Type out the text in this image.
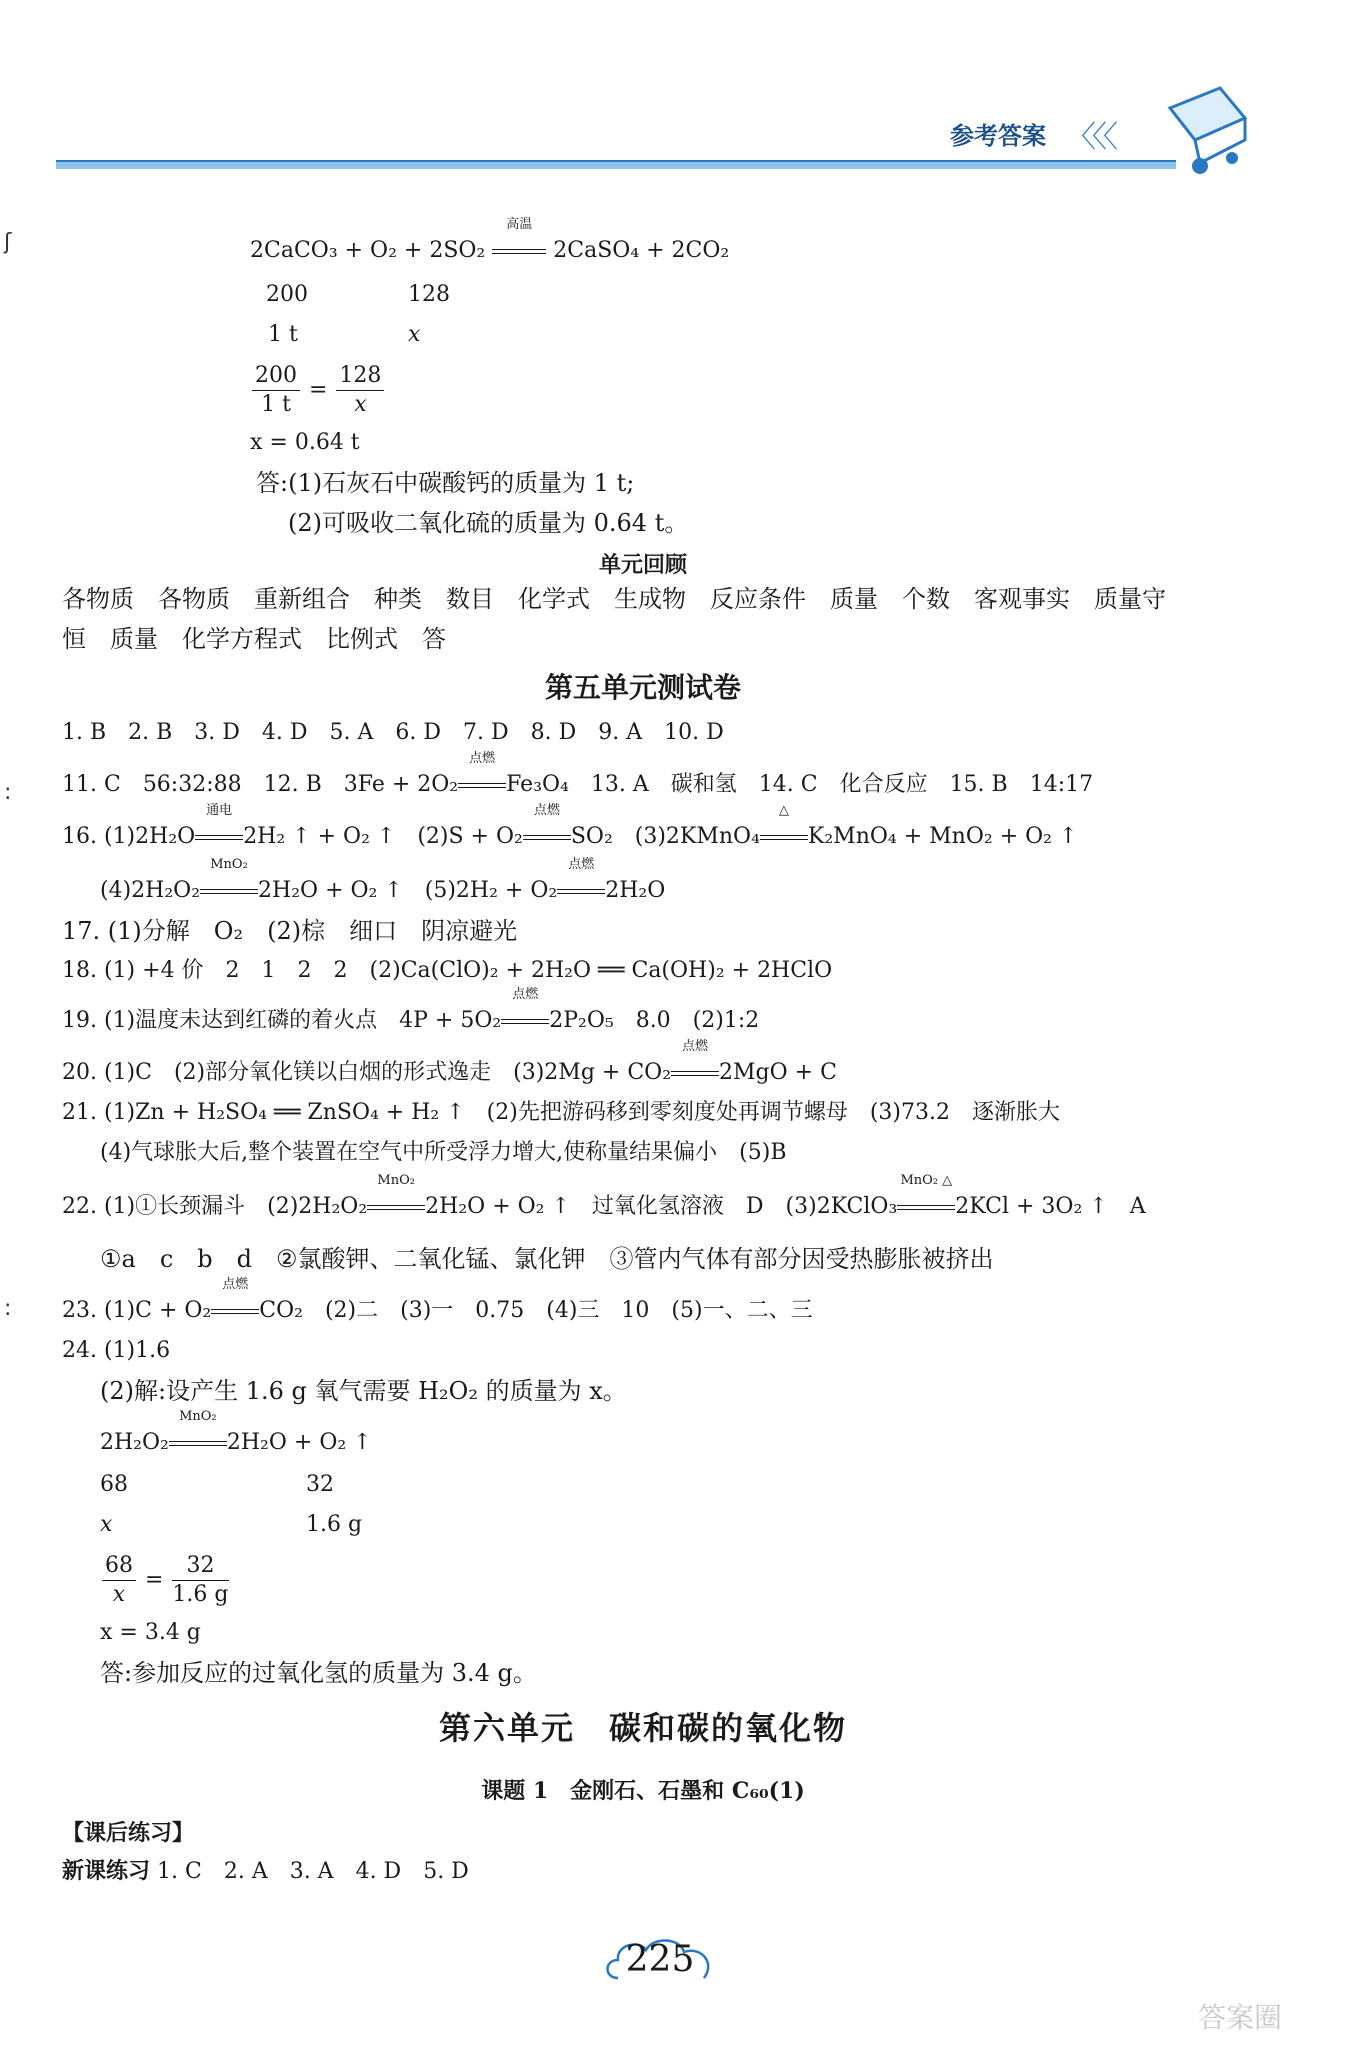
参考答案 〈〈〈
2CaCO₃ + O₂ + 2SO₂
高温
2CaSO₄ + 2CO₂
200	128
1 t	x
$\frac{200}{1 t} = \frac{128}{x}$
x = 0.64 t
答:(1)石灰石中碳酸钙的质量为 1 t;
(2)可吸收二氧化硫的质量为 0.64 t。
单元回顾
各物质　各物质　重新组合　种类　数目　化学式　生成物　反应条件　质量　个数　客观事实　质量守
恒　质量　化学方程式　比例式　答
第五单元测试卷
1. B　2. B　3. D　4. D　5. A　6. D　7. D　8. D　9. A　10. D
11. C　56:32:88　12. B　3Fe + 2O₂
点燃
Fe₃O₄　13. A　碳和氢　14. C　化合反应　15. B　14:17
16. (1)2H₂O
通电
2H₂ ↑ + O₂ ↑　(2)S + O₂
点燃
SO₂　(3)2KMnO₄
△
K₂MnO₄ + MnO₂ + O₂ ↑
(4)2H₂O₂
MnO₂
2H₂O + O₂ ↑　(5)2H₂ + O₂
点燃
2H₂O
17. (1)分解　O₂　(2)棕　细口　阴凉避光
18. (1) +4 价　2　1　2　2　(2)Ca(ClO)₂ + 2H₂O ══ Ca(OH)₂ + 2HClO
19. (1)温度未达到红磷的着火点　4P + 5O₂
点燃
2P₂O₅　8.0　(2)1:2
20. (1)C　(2)部分氧化镁以白烟的形式逸走　(3)2Mg + CO₂
点燃
2MgO + C
21. (1)Zn + H₂SO₄ ══ ZnSO₄ + H₂ ↑　(2)先把游码移到零刻度处再调节螺母　(3)73.2　逐渐胀大
(4)气球胀大后,整个装置在空气中所受浮力增大,使称量结果偏小　(5)B
22. (1)①长颈漏斗　(2)2H₂O₂
MnO₂
2H₂O + O₂ ↑　过氧化氢溶液　D　(3)2KClO₃
MnO₂ △
2KCl + 3O₂ ↑　A
①a　c　b　d　②氯酸钾、二氧化锰、氯化钾　③管内气体有部分因受热膨胀被挤出
23. (1)C + O₂
点燃
CO₂　(2)二　(3)一　0.75　(4)三　10　(5)一、二、三
24. (1)1.6
(2)解:设产生 1.6 g 氧气需要 H₂O₂ 的质量为 x。
2H₂O₂
MnO₂
2H₂O + O₂ ↑
68	32
x	1.6 g
$\frac{68}{x} = \frac{32}{1.6 g}$
x = 3.4 g
答:参加反应的过氧化氢的质量为 3.4 g。
第六单元　碳和碳的氧化物
课题 1　金刚石、石墨和 C₆₀(1)
【课后练习】
新课练习 1. C　2. A　3. A　4. D　5. D
225
答案圈
ʃ
:
:
